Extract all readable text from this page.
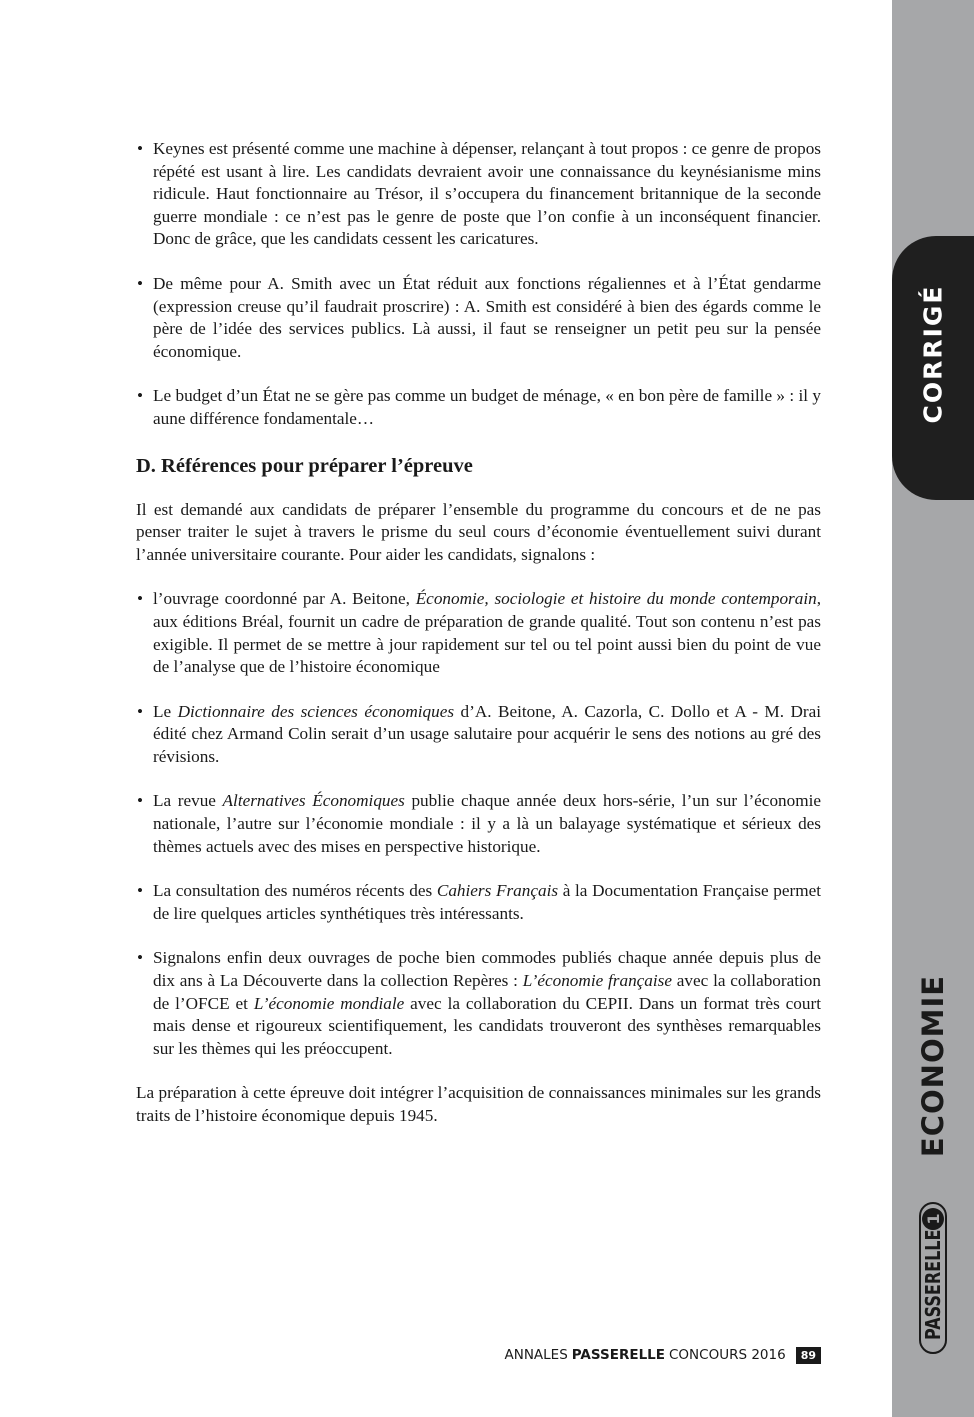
• Keynes est présenté comme une machine à dépenser, relançant à tout propos : ce genre de propos répété est usant à lire. Les candidats devraient avoir une connaissance du keynésianisme mins ridicule. Haut fonctionnaire au Trésor, il s’occupera du financement britannique de la seconde guerre mondiale : ce n’est pas le genre de poste que l’on confie à un inconséquent financier. Donc de grâce, que les candidats cessent les caricatures.
• De même pour A. Smith avec un État réduit aux fonctions régaliennes et à l’État gendarme (expression creuse qu’il faudrait proscrire) : A. Smith est considéré à bien des égards comme le père de l’idée des services publics. Là aussi, il faut se renseigner un petit peu sur la pensée économique.
• Le budget d’un État ne se gère pas comme un budget de ménage, « en bon père de famille » : il y aune différence fondamentale…
D. Références pour préparer l’épreuve

Il est demandé aux candidats de préparer l’ensemble du programme du concours et de ne pas penser traiter le sujet à travers le prisme du seul cours d’économie éventuellement suivi durant l’année universitaire courante. Pour aider les candidats, signalons :

• l’ouvrage coordonné par A. Beitone, Économie, sociologie et histoire du monde contemporain, aux éditions Bréal, fournit un cadre de préparation de grande qualité. Tout son contenu n’est pas exigible. Il permet de se mettre à jour rapidement sur tel ou tel point aussi bien du point de vue de l’analyse que de l’histoire économique
• Le Dictionnaire des sciences économiques d’A. Beitone, A. Cazorla, C. Dollo et A - M. Drai édité chez Armand Colin serait d’un usage salutaire pour acquérir le sens des notions au gré des révisions.
• La revue Alternatives Économiques publie chaque année deux hors-série, l’un sur l’économie nationale, l’autre sur l’économie mondiale : il y a là un balayage systématique et sérieux des thèmes actuels avec des mises en perspective historique.
• La consultation des numéros récents des Cahiers Français à la Documentation Française permet de lire quelques articles synthétiques très intéressants.
• Signalons enfin deux ouvrages de poche bien commodes publiés chaque année depuis plus de dix ans à La Découverte dans la collection Repères : L’économie française avec la collaboration de l’OFCE et L’économie mondiale avec la collaboration du CEPII. Dans un format très court mais dense et rigoureux scientifiquement, les candidats trouveront des synthèses remarquables sur les thèmes qui les préoccupent.

La préparation à cette épreuve doit intégrer l’acquisition de connaissances minimales sur les grands traits de l’histoire économique depuis 1945.

CORRIGÉ
ECONOMIE
PASSERELLE
1
ANNALES PASSERELLE CONCOURS 2016	89
